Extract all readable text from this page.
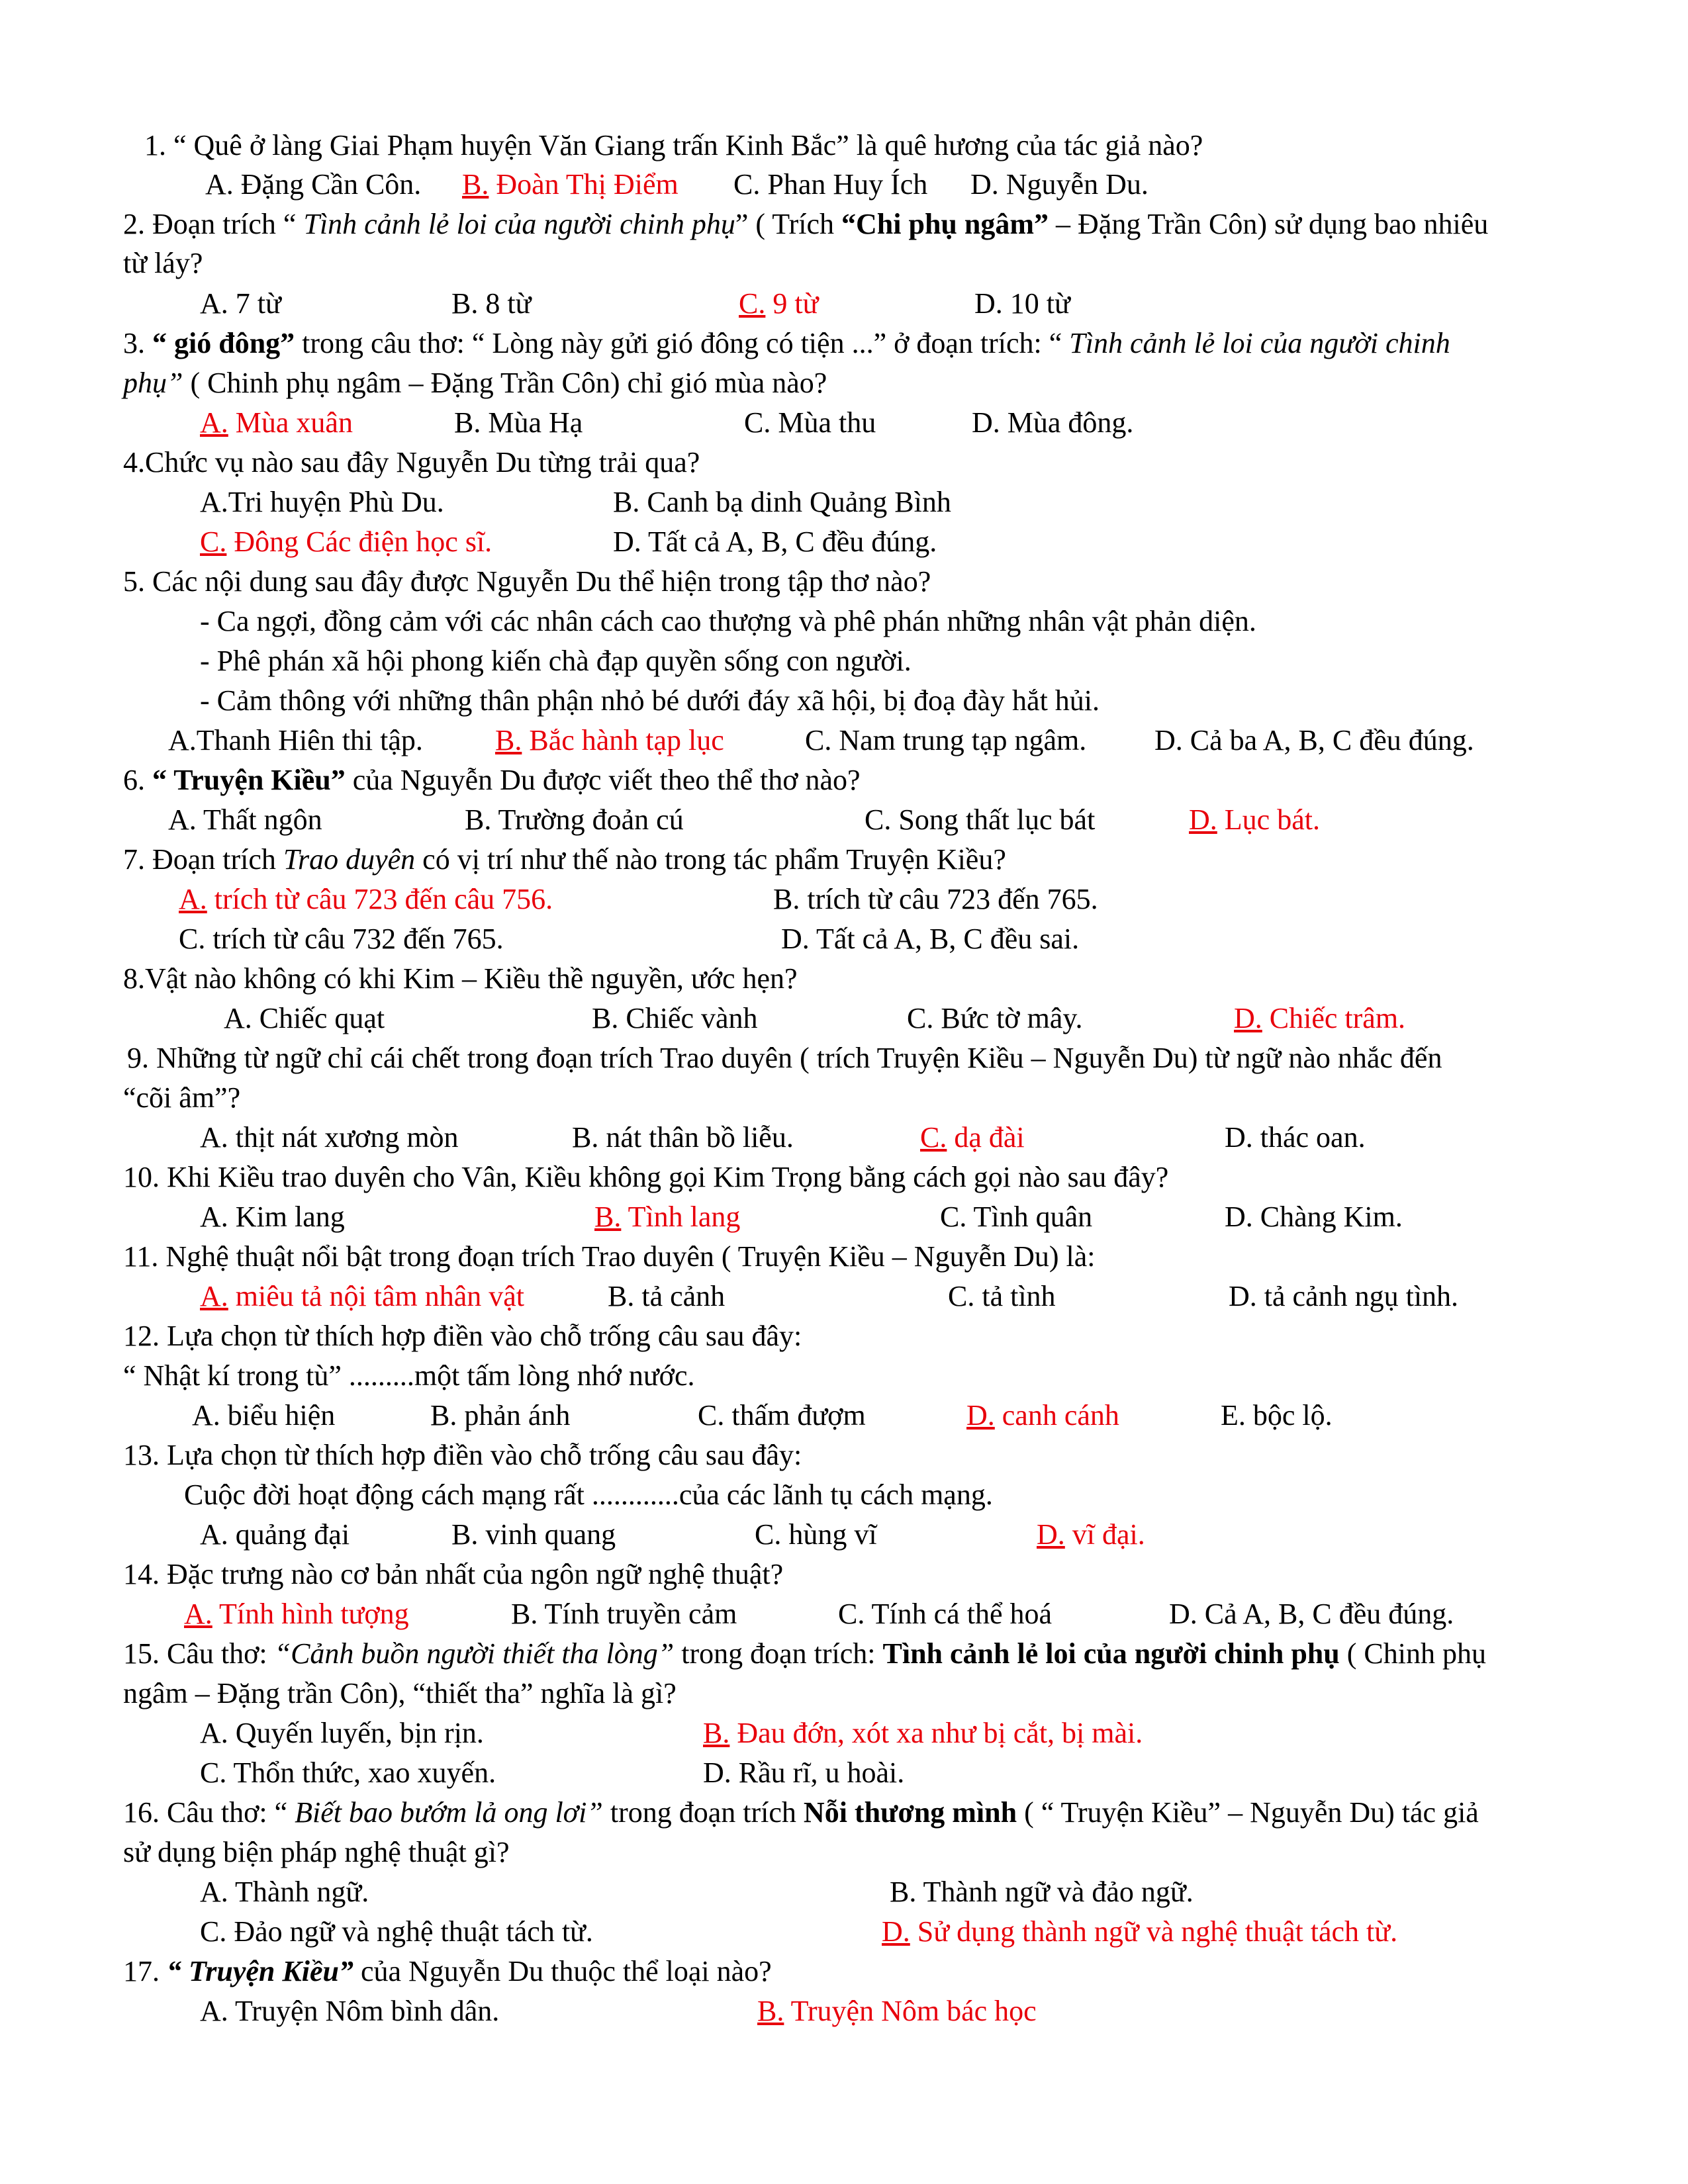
1. “ Quê ở làng Giai Phạm huyện Văn Giang trấn Kinh Bắc” là quê hương của tác giả nào?
A. Đặng Cần Côn. B. Đoàn Thị Điểm C. Phan Huy Ích D. Nguyễn Du.
2. Đoạn trích “ Tình cảnh lẻ loi của người chinh phụ” ( Trích “Chi phụ ngâm” – Đặng Trần Côn) sử dụng bao nhiêu
từ láy?
A. 7 từ	B. 8 từ	C. 9 từ	D. 10 từ
3. “ gió đông” trong câu thơ: “ Lòng này gửi gió đông có tiện ...” ở đoạn trích: “ Tình cảnh lẻ loi của người chinh
phụ” ( Chinh phụ ngâm – Đặng Trần Côn) chỉ gió mùa nào?
A. Mùa xuân	B. Mùa Hạ	C. Mùa thu	D. Mùa đông.
4.Chức vụ nào sau đây Nguyễn Du từng trải qua?
A.Tri huyện Phù Du.	B. Canh bạ dinh Quảng Bình
C. Đông Các điện học sĩ.	D. Tất cả A, B, C đều đúng.
5. Các nội dung sau đây được Nguyễn Du thể hiện trong tập thơ nào?
- Ca ngợi, đồng cảm với các nhân cách cao thượng và phê phán những nhân vật phản diện.
- Phê phán xã hội phong kiến chà đạp quyền sống con người.
- Cảm thông với những thân phận nhỏ bé dưới đáy xã hội, bị đoạ đày hắt hủi.
A.Thanh Hiên thi tập. B. Bắc hành tạp lục	C. Nam trung tạp ngâm. D. Cả ba A, B, C đều đúng.
6. “ Truyện Kiều” của Nguyễn Du được viết theo thể thơ nào?
A. Thất ngôn	B. Trường đoản cú	C. Song thất lục bát	D. Lục bát.
7. Đoạn trích Trao duyên có vị trí như thế nào trong tác phẩm Truyện Kiều?
A. trích từ câu 723 đến câu 756.	B. trích từ câu 723 đến 765.
C. trích từ câu 732 đến 765.	D. Tất cả A, B, C đều sai.
8.Vật nào không có khi Kim – Kiều thề nguyền, ước hẹn?
A. Chiếc quạt	B. Chiếc vành	C. Bức tờ mây.	D. Chiếc trâm.
9. Những từ ngữ chỉ cái chết trong đoạn trích Trao duyên ( trích Truyện Kiều – Nguyễn Du) từ ngữ nào nhắc đến
“cõi âm”?
A. thịt nát xương mòn	B. nát thân bồ liễu.	C. dạ đài	D. thác oan.
10. Khi Kiều trao duyên cho Vân, Kiều không gọi Kim Trọng bằng cách gọi nào sau đây?
A. Kim lang	B. Tình lang	C. Tình quân	D. Chàng Kim.
11. Nghệ thuật nổi bật trong đoạn trích Trao duyên ( Truyện Kiều – Nguyễn Du) là:
A. miêu tả nội tâm nhân vật	B. tả cảnh	C. tả tình	D. tả cảnh ngụ tình.
12. Lựa chọn từ thích hợp điền vào chỗ trống câu sau đây:
“ Nhật kí trong tù” .........một tấm lòng nhớ nước.
A. biểu hiện	B. phản ánh	C. thấm đượm	D. canh cánh	E. bộc lộ.
13. Lựa chọn từ thích hợp điền vào chỗ trống câu sau đây:
Cuộc đời hoạt động cách mạng rất ............của các lãnh tụ cách mạng.
A. quảng đại	B. vinh quang	C. hùng vĩ	D. vĩ đại.
14. Đặc trưng nào cơ bản nhất của ngôn ngữ nghệ thuật?
A. Tính hình tượng	B. Tính truyền cảm	C. Tính cá thể hoá	D. Cả A, B, C đều đúng.
15. Câu thơ: “Cảnh buồn người thiết tha lòng” trong đoạn trích: Tình cảnh lẻ loi của người chinh phụ ( Chinh phụ
ngâm – Đặng trần Côn), “thiết tha” nghĩa là gì?
A. Quyến luyến, bịn rịn.	B. Đau đớn, xót xa như bị cắt, bị mài.
C. Thổn thức, xao xuyến.	D. Rầu rĩ, u hoài.
16. Câu thơ: “ Biết bao bướm lả ong lơi” trong đoạn trích Nỗi thương mình ( “ Truyện Kiều” – Nguyễn Du) tác giả
sử dụng biện pháp nghệ thuật gì?
A. Thành ngữ.	B. Thành ngữ và đảo ngữ.
C. Đảo ngữ và nghệ thuật tách từ.	D. Sử dụng thành ngữ và nghệ thuật tách từ.
17. “ Truyện Kiều” của Nguyễn Du thuộc thể loại nào?
A. Truyện Nôm bình dân.	B. Truyện Nôm bác học
